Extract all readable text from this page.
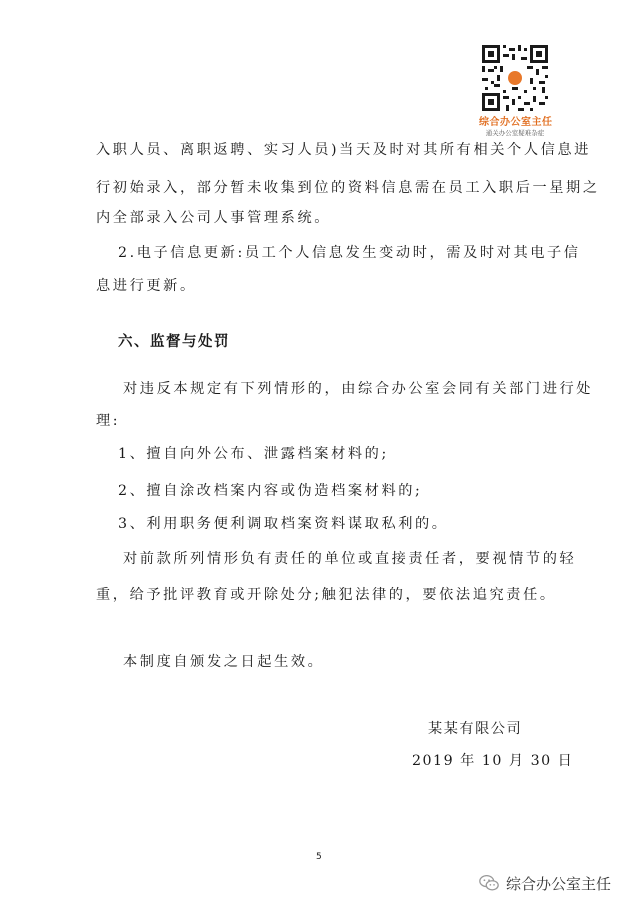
综合办公室主任
通关办公室疑难杂症
入职人员、离职返聘、实习人员)当天及时对其所有相关个人信息进
行初始录入，部分暂未收集到位的资料信息需在员工入职后一星期之
内全部录入公司人事管理系统。
2.电子信息更新:员工个人信息发生变动时，需及时对其电子信
息进行更新。
六、监督与处罚
对违反本规定有下列情形的，由综合办公室会同有关部门进行处
理:
1、擅自向外公布、泄露档案材料的;
2、擅自涂改档案内容或伪造档案材料的;
3、利用职务便利调取档案资料谋取私利的。
对前款所列情形负有责任的单位或直接责任者，要视情节的轻
重，给予批评教育或开除处分;触犯法律的，要依法追究责任。
本制度自颁发之日起生效。
某某有限公司
2019 年 10 月 30 日
5
综合办公室主任
